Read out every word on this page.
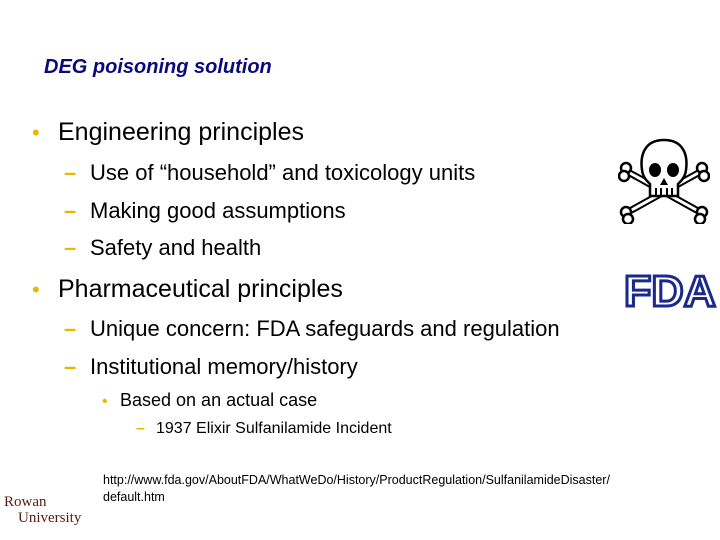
DEG poisoning solution
• Engineering principles
– Use of “household” and toxicology units
– Making good assumptions
– Safety and health
• Pharmaceutical principles
– Unique concern: FDA safeguards and regulation
– Institutional memory/history
• Based on an actual case
– 1937 Elixir Sulfanilamide Incident
http://www.fda.gov/AboutFDA/WhatWeDo/History/ProductRegulation/SulfanilamideDisaster/
default.htm
FDA
Rowan
University
